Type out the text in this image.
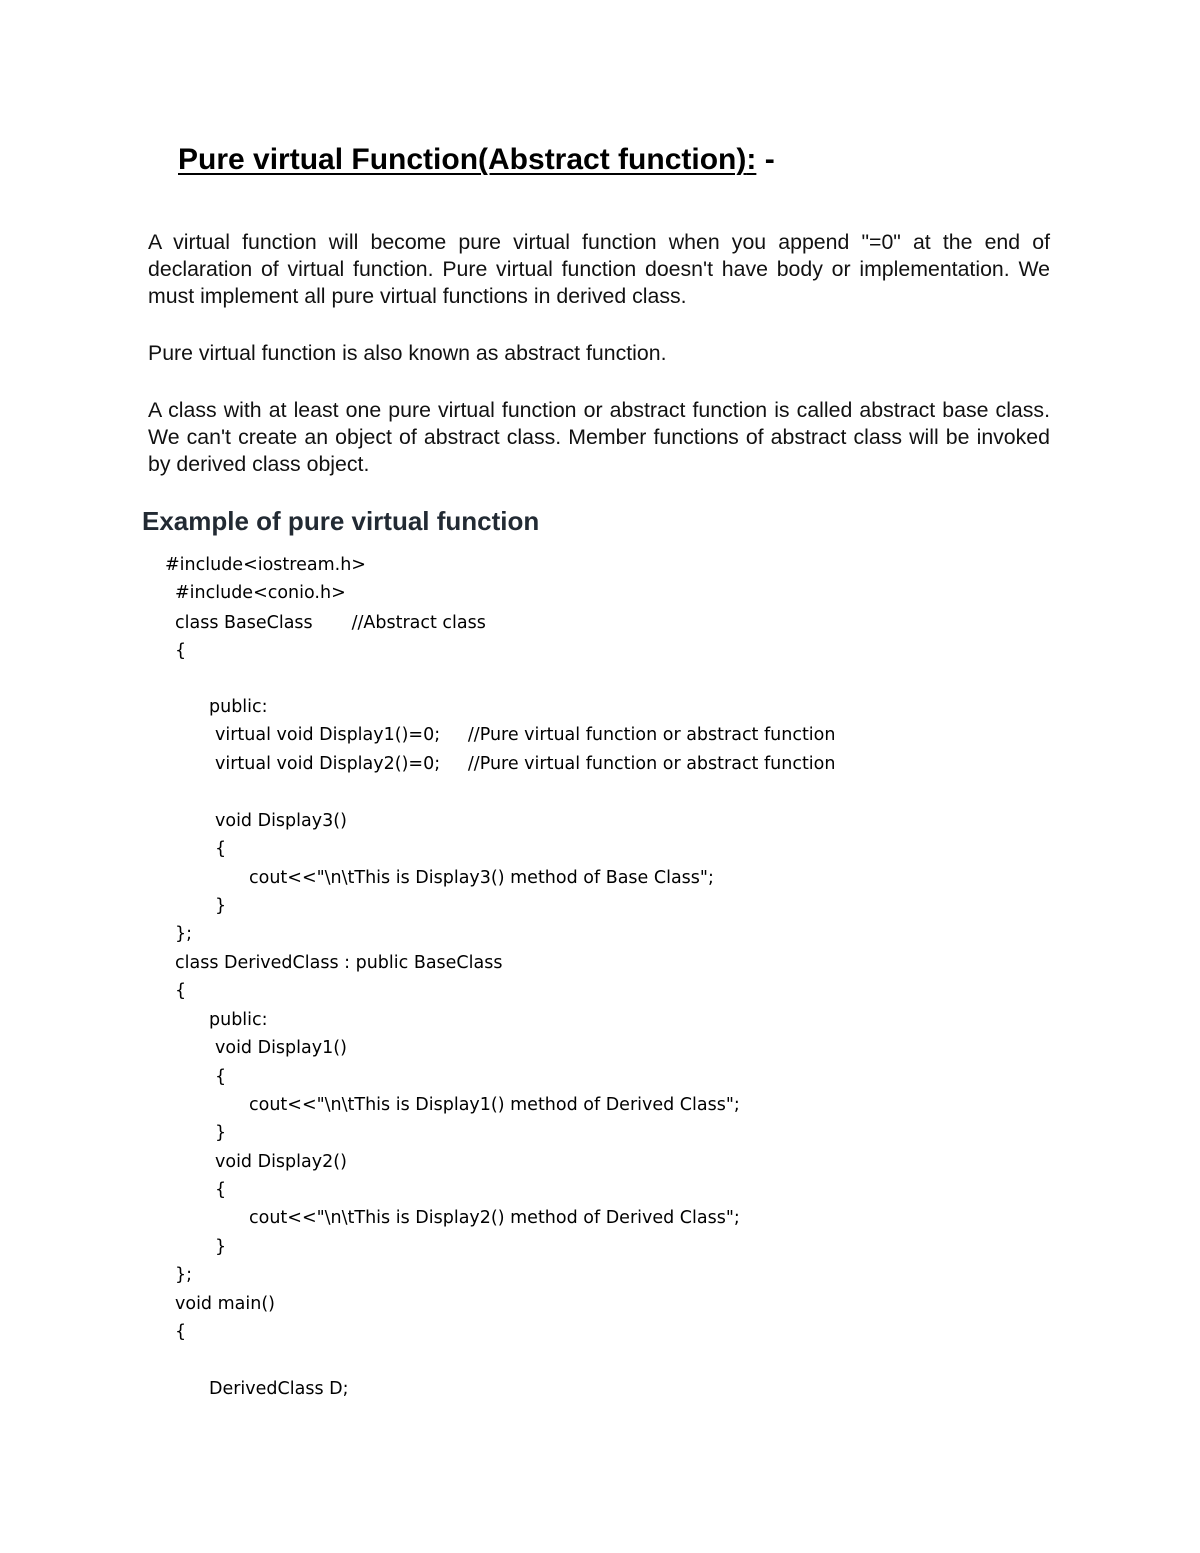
Pure virtual Function(Abstract function): -
A virtual function will become pure virtual function when you append "=0" at the end of declaration of virtual function. Pure virtual function doesn't have body or implementation. We must implement all pure virtual functions in derived class.
Pure virtual function is also known as abstract function.
A class with at least one pure virtual function or abstract function is called abstract base class. We can't create an object of abstract class. Member functions of abstract class will be invoked by derived class object.
Example of pure virtual function
#include<iostream.h>
#include<conio.h>
class BaseClass       //Abstract class
{
public:
virtual void Display1()=0;     //Pure virtual function or abstract function
virtual void Display2()=0;     //Pure virtual function or abstract function
void Display3()
{
cout<<"\n\tThis is Display3() method of Base Class";
}
};
class DerivedClass : public BaseClass
{
public:
void Display1()
{
cout<<"\n\tThis is Display1() method of Derived Class";
}
void Display2()
{
cout<<"\n\tThis is Display2() method of Derived Class";
}
};
void main()
{
DerivedClass D;
